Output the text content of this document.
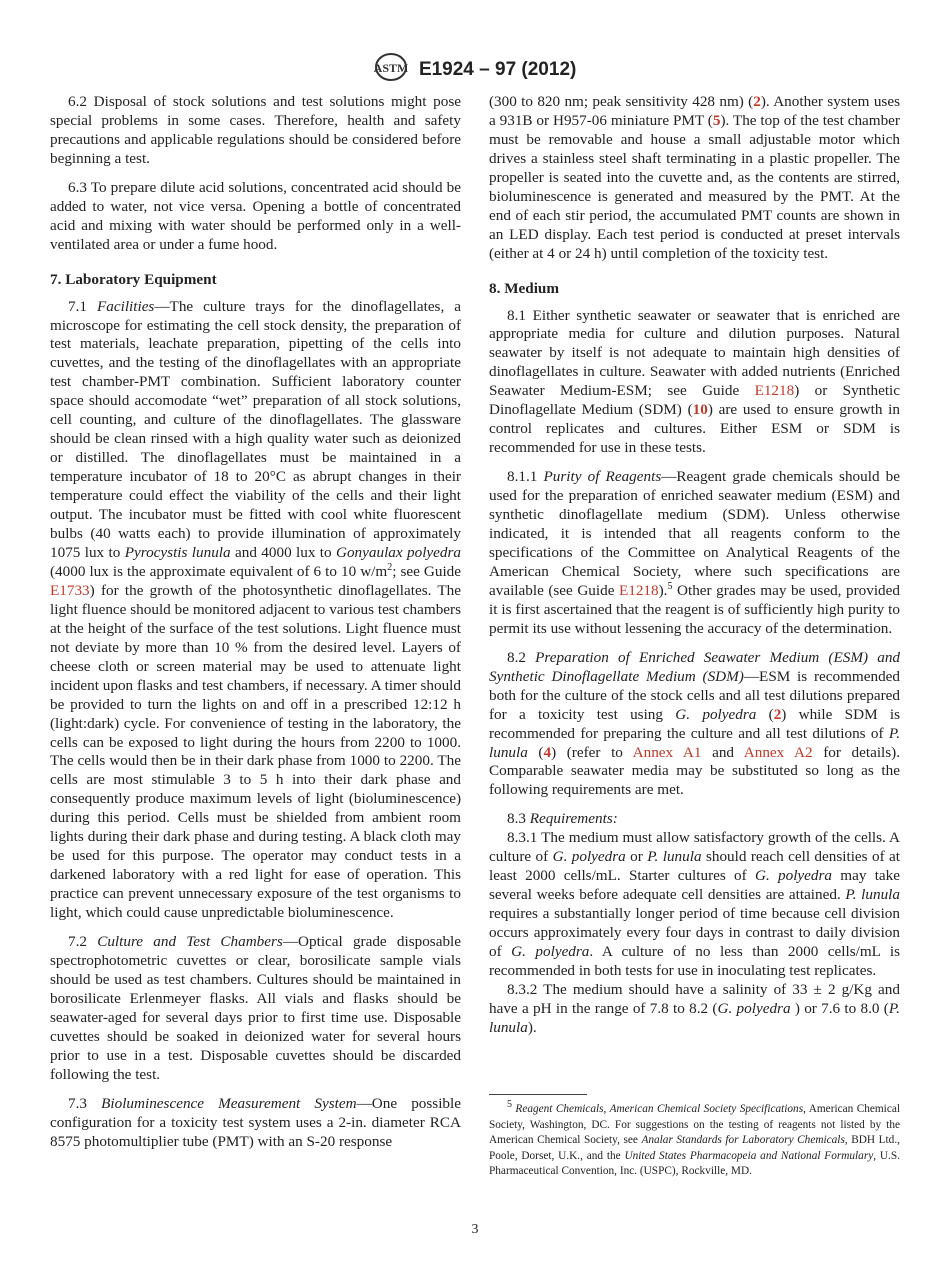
ASTM E1924 – 97 (2012)

6.2 Disposal of stock solutions and test solutions might pose special problems in some cases. Therefore, health and safety precautions and applicable regulations should be considered before beginning a test.

6.3 To prepare dilute acid solutions, concentrated acid should be added to water, not vice versa. Opening a bottle of concentrated acid and mixing with water should be performed only in a well-ventilated area or under a fume hood.

7. Laboratory Equipment

7.1 Facilities—The culture trays for the dinoflagellates, a microscope for estimating the cell stock density, the preparation of test materials, leachate preparation, pipetting of the cells into cuvettes, and the testing of the dinoflagellates with an appropriate test chamber-PMT combination. Sufficient laboratory counter space should accomodate “wet” preparation of all stock solutions, cell counting, and culture of the dinoflagellates. The glassware should be clean rinsed with a high quality water such as deionized or distilled. The dinoflagellates must be maintained in a temperature incubator of 18 to 20°C as abrupt changes in their temperature could effect the viability of the cells and their light output. The incubator must be fitted with cool white fluorescent bulbs (40 watts each) to provide illumination of approximately 1075 lux to Pyrocystis lunula and 4000 lux to Gonyaulax polyedra (4000 lux is the approximate equivalent of 6 to 10 $w/m^2$; see Guide E1733) for the growth of the photosynthetic dinoflagellates. The light fluence should be monitored adjacent to various test chambers at the height of the surface of the test solutions. Light fluence must not deviate by more than 10 % from the desired level. Layers of cheese cloth or screen material may be used to attenuate light incident upon flasks and test chambers, if necessary. A timer should be provided to turn the lights on and off in a prescribed 12:12 h (light:dark) cycle. For convenience of testing in the laboratory, the cells can be exposed to light during the hours from 2200 to 1000. The cells would then be in their dark phase from 1000 to 2200. The cells are most stimulable 3 to 5 h into their dark phase and consequently produce maximum levels of light (bioluminescence) during this period. Cells must be shielded from ambient room lights during their dark phase and during testing. A black cloth may be used for this purpose. The operator may conduct tests in a darkened laboratory with a red light for ease of operation. This practice can prevent unnecessary exposure of the test organisms to light, which could cause unpredictable bioluminescence.

7.2 Culture and Test Chambers—Optical grade disposable spectrophotometric cuvettes or clear, borosilicate sample vials should be used as test chambers. Cultures should be maintained in borosilicate Erlenmeyer flasks. All vials and flasks should be seawater-aged for several days prior to first time use. Disposable cuvettes should be soaked in deionized water for several hours prior to use in a test. Disposable cuvettes should be discarded following the test.

7.3 Bioluminescence Measurement System—One possible configuration for a toxicity test system uses a 2-in. diameter RCA 8575 photomultiplier tube (PMT) with an S-20 response

(300 to 820 nm; peak sensitivity 428 nm) (2). Another system uses a 931B or H957-06 miniature PMT (5). The top of the test chamber must be removable and house a small adjustable motor which drives a stainless steel shaft terminating in a plastic propeller. The propeller is seated into the cuvette and, as the contents are stirred, bioluminescence is generated and measured by the PMT. At the end of each stir period, the accumulated PMT counts are shown in an LED display. Each test period is conducted at preset intervals (either at 4 or 24 h) until completion of the toxicity test.

8. Medium

8.1 Either synthetic seawater or seawater that is enriched are appropriate media for culture and dilution purposes. Natural seawater by itself is not adequate to maintain high densities of dinoflagellates in culture. Seawater with added nutrients (Enriched Seawater Medium-ESM; see Guide E1218) or Synthetic Dinoflagellate Medium (SDM) (10) are used to ensure growth in control replicates and cultures. Either ESM or SDM is recommended for use in these tests.

8.1.1 Purity of Reagents—Reagent grade chemicals should be used for the preparation of enriched seawater medium (ESM) and synthetic dinoflagellate medium (SDM). Unless otherwise indicated, it is intended that all reagents conform to the specifications of the Committee on Analytical Reagents of the American Chemical Society, where such specifications are available (see Guide E1218).$^5$ Other grades may be used, provided it is first ascertained that the reagent is of sufficiently high purity to permit its use without lessening the accuracy of the determination.

8.2 Preparation of Enriched Seawater Medium (ESM) and Synthetic Dinoflagellate Medium (SDM)—ESM is recommended both for the culture of the stock cells and all test dilutions prepared for a toxicity test using G. polyedra (2) while SDM is recommended for preparing the culture and all test dilutions of P. lunula (4) (refer to Annex A1 and Annex A2 for details). Comparable seawater media may be substituted so long as the following requirements are met.

8.3 Requirements:

8.3.1 The medium must allow satisfactory growth of the cells. A culture of G. polyedra or P. lunula should reach cell densities of at least 2000 cells/mL. Starter cultures of G. polyedra may take several weeks before adequate cell densities are attained. P. lunula requires a substantially longer period of time because cell division occurs approximately every four days in contrast to daily division of G. polyedra. A culture of no less than 2000 cells/mL is recommended in both tests for use in inoculating test replicates.

8.3.2 The medium should have a salinity of 33 ± 2 g/Kg and have a pH in the range of 7.8 to 8.2 (G. polyedra ) or 7.6 to 8.0 (P. lunula).

5 Reagent Chemicals, American Chemical Society Specifications, American Chemical Society, Washington, DC. For suggestions on the testing of reagents not listed by the American Chemical Society, see Analar Standards for Laboratory Chemicals, BDH Ltd., Poole, Dorset, U.K., and the United States Pharmacopeia and National Formulary, U.S. Pharmaceutical Convention, Inc. (USPC), Rockville, MD.

3
